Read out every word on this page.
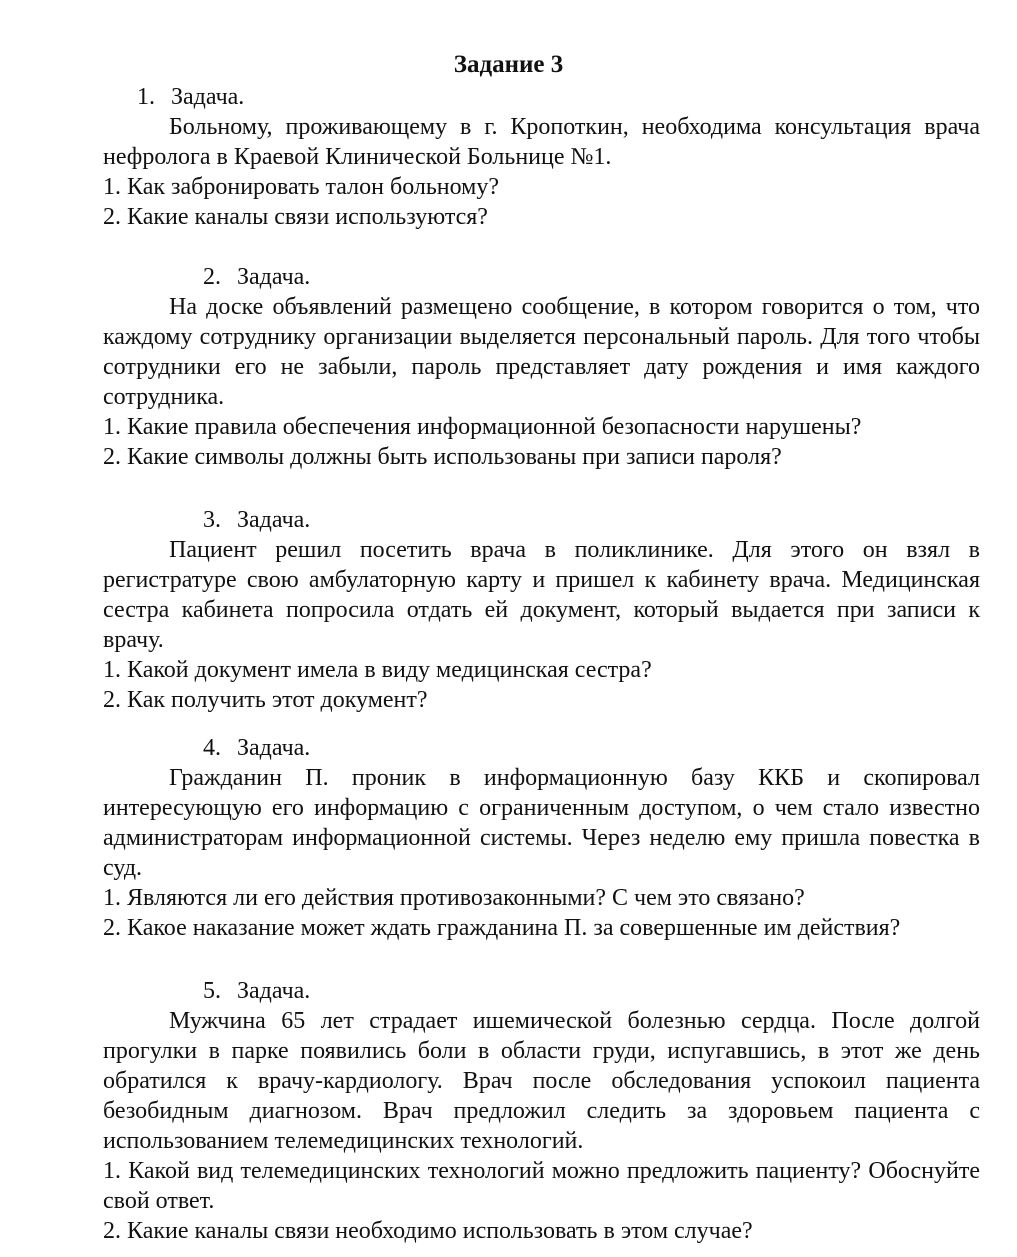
Задание 3
1. Задача.

Больному, проживающему в г. Кропоткин, необходима консультация врача нефролога в Краевой Клинической Больнице №1.

1. Как забронировать талон больному?

2. Какие каналы связи используются?

2. Задача.

На доске объявлений размещено сообщение, в котором говорится о том, что каждому сотруднику организации выделяется персональный пароль. Для того чтобы сотрудники его не забыли, пароль представляет дату рождения и имя каждого сотрудника.

1. Какие правила обеспечения информационной безопасности нарушены?

2. Какие символы должны быть использованы при записи пароля?

3. Задача.

Пациент решил посетить врача в поликлинике. Для этого он взял в регистратуре свою амбулаторную карту и пришел к кабинету врача. Медицинская сестра кабинета попросила отдать ей документ, который выдается при записи к врачу.

1. Какой документ имела в виду медицинская сестра?

2. Как получить этот документ?

4. Задача.

Гражданин П. проник в информационную базу ККБ и скопировал интересующую его информацию с ограниченным доступом, о чем стало известно администраторам информационной системы. Через неделю ему пришла повестка в суд.

1. Являются ли его действия противозаконными? С чем это связано?

2. Какое наказание может ждать гражданина П. за совершенные им действия?

5. Задача.

Мужчина 65 лет страдает ишемической болезнью сердца. После долгой прогулки в парке появились боли в области груди, испугавшись, в этот же день обратился к врачу-кардиологу. Врач после обследования успокоил пациента безобидным диагнозом. Врач предложил следить за здоровьем пациента с использованием телемедицинских технологий.

1. Какой вид телемедицинских технологий можно предложить пациенту? Обоснуйте свой ответ.

2. Какие каналы связи необходимо использовать в этом случае?
